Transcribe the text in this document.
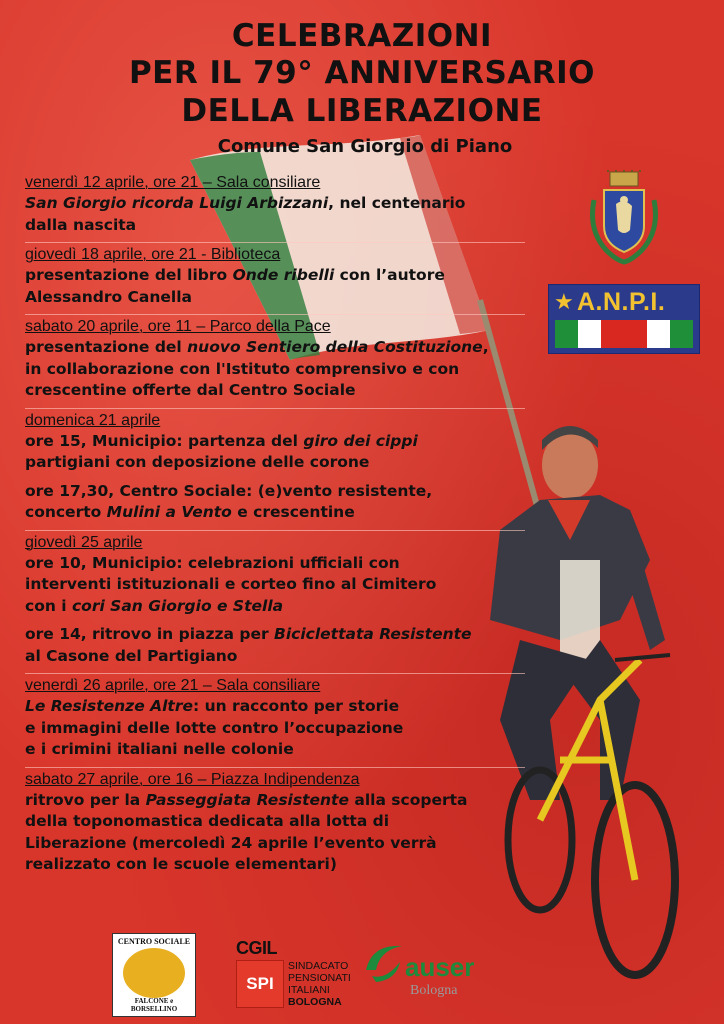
CELEBRAZIONI
PER IL 79° ANNIVERSARIO
DELLA LIBERAZIONE
Comune San Giorgio di Piano
venerdì 12 aprile, ore 21 – Sala consiliare
San Giorgio ricorda Luigi Arbizzani, nel centenario
dalla nascita
giovedì 18 aprile, ore 21 - Biblioteca
presentazione del libro Onde ribelli con l’autore
Alessandro Canella
sabato 20 aprile, ore 11 – Parco della Pace
presentazione del nuovo Sentiero della Costituzione,
in collaborazione con l'Istituto comprensivo e con
crescentine offerte dal Centro Sociale
domenica 21 aprile
ore 15, Municipio: partenza del giro dei cippi
partigiani con deposizione delle corone
ore 17,30, Centro Sociale: (e)vento resistente,
concerto Mulini a Vento e crescentine
giovedì 25 aprile
ore 10, Municipio: celebrazioni ufficiali con
interventi istituzionali e corteo fino al Cimitero
con i cori San Giorgio e Stella
ore 14, ritrovo in piazza per Biciclettata Resistente
al Casone del Partigiano
venerdì 26 aprile, ore 21 – Sala consiliare
Le Resistenze Altre: un racconto per storie
e immagini delle lotte contro l’occupazione
e i crimini italiani nelle colonie
sabato 27 aprile, ore 16 – Piazza Indipendenza
ritrovo per la Passeggiata Resistente alla scoperta
della toponomastica dedicata alla lotta di
Liberazione (mercoledì 24 aprile l’evento verrà
realizzato con le scuole elementari)
★ A.N.P.I.
CENTRO SOCIALE
FALCONE e BORSELLINO
CGIL
SPI
SINDACATO
PENSIONATI
ITALIANI
BOLOGNA
auser
Bologna
